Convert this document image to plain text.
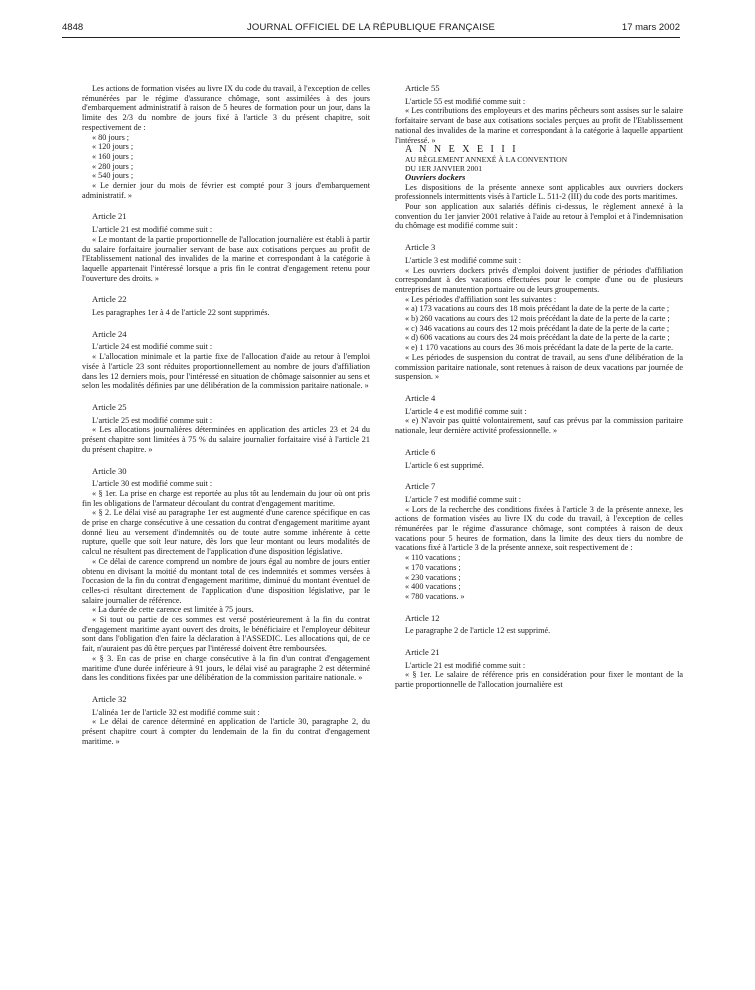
4848	JOURNAL OFFICIEL DE LA RÉPUBLIQUE FRANÇAISE	17 mars 2002

Les actions de formation visées au livre IX du code du travail, à l'exception de celles rémunérées par le régime d'assurance chômage, sont assimilées à des jours d'embarquement administratif à raison de 5 heures de formation pour un jour, dans la limite des 2/3 du nombre de jours fixé à l'article 3 du présent chapitre, soit respectivement de :

« 80 jours ;

« 120 jours ;

« 160 jours ;

« 280 jours ;

« 540 jours ;

« Le dernier jour du mois de février est compté pour 3 jours d'embarquement administratif. »

Article 21

L'article 21 est modifié comme suit :

« Le montant de la partie proportionnelle de l'allocation journalière est établi à partir du salaire forfaitaire journalier servant de base aux cotisations perçues au profit de l'Etablissement national des invalides de la marine et correspondant à la catégorie à laquelle appartenait l'intéressé lorsque a pris fin le contrat d'engagement retenu pour l'ouverture des droits. »

Article 22

Les paragraphes 1er à 4 de l'article 22 sont supprimés.

Article 24

L'article 24 est modifié comme suit :

« L'allocation minimale et la partie fixe de l'allocation d'aide au retour à l'emploi visée à l'article 23 sont réduites proportionnellement au nombre de jours d'affiliation dans les 12 derniers mois, pour l'intéressé en situation de chômage saisonnier au sens et selon les modalités définies par une délibération de la commission paritaire nationale. »

Article 25

L'article 25 est modifié comme suit :

« Les allocations journalières déterminées en application des articles 23 et 24 du présent chapitre sont limitées à 75 % du salaire journalier forfaitaire visé à l'article 21 du présent chapitre. »

Article 30

L'article 30 est modifié comme suit :

« § 1er. La prise en charge est reportée au plus tôt au lendemain du jour où ont pris fin les obligations de l'armateur découlant du contrat d'engagement maritime.

« § 2. Le délai visé au paragraphe 1er est augmenté d'une carence spécifique en cas de prise en charge consécutive à une cessation du contrat d'engagement maritime ayant donné lieu au versement d'indemnités ou de toute autre somme inhérente à cette rupture, quelle que soit leur nature, dès lors que leur montant ou leurs modalités de calcul ne résultent pas directement de l'application d'une disposition législative.

« Ce délai de carence comprend un nombre de jours égal au nombre de jours entier obtenu en divisant la moitié du montant total de ces indemnités et sommes versées à l'occasion de la fin du contrat d'engagement maritime, diminué du montant éventuel de celles-ci résultant directement de l'application d'une disposition législative, par le salaire journalier de référence.

« La durée de cette carence est limitée à 75 jours.

« Si tout ou partie de ces sommes est versé postérieurement à la fin du contrat d'engagement maritime ayant ouvert des droits, le bénéficiaire et l'employeur débiteur sont dans l'obligation d'en faire la déclaration à l'ASSEDIC. Les allocations qui, de ce fait, n'auraient pas dû être perçues par l'intéressé doivent être remboursées.

« § 3. En cas de prise en charge consécutive à la fin d'un contrat d'engagement maritime d'une durée inférieure à 91 jours, le délai visé au paragraphe 2 est déterminé dans les conditions fixées par une délibération de la commission paritaire nationale. »

Article 32

L'alinéa 1er de l'article 32 est modifié comme suit :

« Le délai de carence déterminé en application de l'article 30, paragraphe 2, du présent chapitre court à compter du lendemain de la fin du contrat d'engagement maritime. »

Article 55

L'article 55 est modifié comme suit :

« Les contributions des employeurs et des marins pêcheurs sont assises sur le salaire forfaitaire servant de base aux cotisations sociales perçues au profit de l'Etablissement national des invalides de la marine et correspondant à la catégorie à laquelle appartient l'intéressé. »

A N N E X E I I I

AU RÈGLEMENT ANNEXÉ À LA CONVENTION

DU 1ER JANVIER 2001

Ouvriers dockers

Les dispositions de la présente annexe sont applicables aux ouvriers dockers professionnels intermittents visés à l'article L. 511-2 (III) du code des ports maritimes.

Pour son application aux salariés définis ci-dessus, le règlement annexé à la convention du 1er janvier 2001 relative à l'aide au retour à l'emploi et à l'indemnisation du chômage est modifié comme suit :

Article 3

L'article 3 est modifié comme suit :

« Les ouvriers dockers privés d'emploi doivent justifier de périodes d'affiliation correspondant à des vacations effectuées pour le compte d'une ou de plusieurs entreprises de manutention portuaire ou de leurs groupements.

« Les périodes d'affiliation sont les suivantes :

« a) 173 vacations au cours des 18 mois précédant la date de la perte de la carte ;

« b) 260 vacations au cours des 12 mois précédant la date de la perte de la carte ;

« c) 346 vacations au cours des 12 mois précédant la date de la perte de la carte ;

« d) 606 vacations au cours des 24 mois précédant la date de la perte de la carte ;

« e) 1 170 vacations au cours des 36 mois précédant la date de la perte de la carte.

« Les périodes de suspension du contrat de travail, au sens d'une délibération de la commission paritaire nationale, sont retenues à raison de deux vacations par journée de suspension. »

Article 4

L'article 4 e est modifié comme suit :

« e) N'avoir pas quitté volontairement, sauf cas prévus par la commission paritaire nationale, leur dernière activité professionnelle. »

Article 6

L'article 6 est supprimé.

Article 7

L'article 7 est modifié comme suit :

« Lors de la recherche des conditions fixées à l'article 3 de la présente annexe, les actions de formation visées au livre IX du code du travail, à l'exception de celles rémunérées par le régime d'assurance chômage, sont comptées à raison de deux vacations pour 5 heures de formation, dans la limite des deux tiers du nombre de vacations fixé à l'article 3 de la présente annexe, soit respectivement de :

« 110 vacations ;

« 170 vacations ;

« 230 vacations ;

« 400 vacations ;

« 780 vacations. »

Article 12

Le paragraphe 2 de l'article 12 est supprimé.

Article 21

L'article 21 est modifié comme suit :

« § 1er. Le salaire de référence pris en considération pour fixer le montant de la partie proportionnelle de l'allocation journalière est
